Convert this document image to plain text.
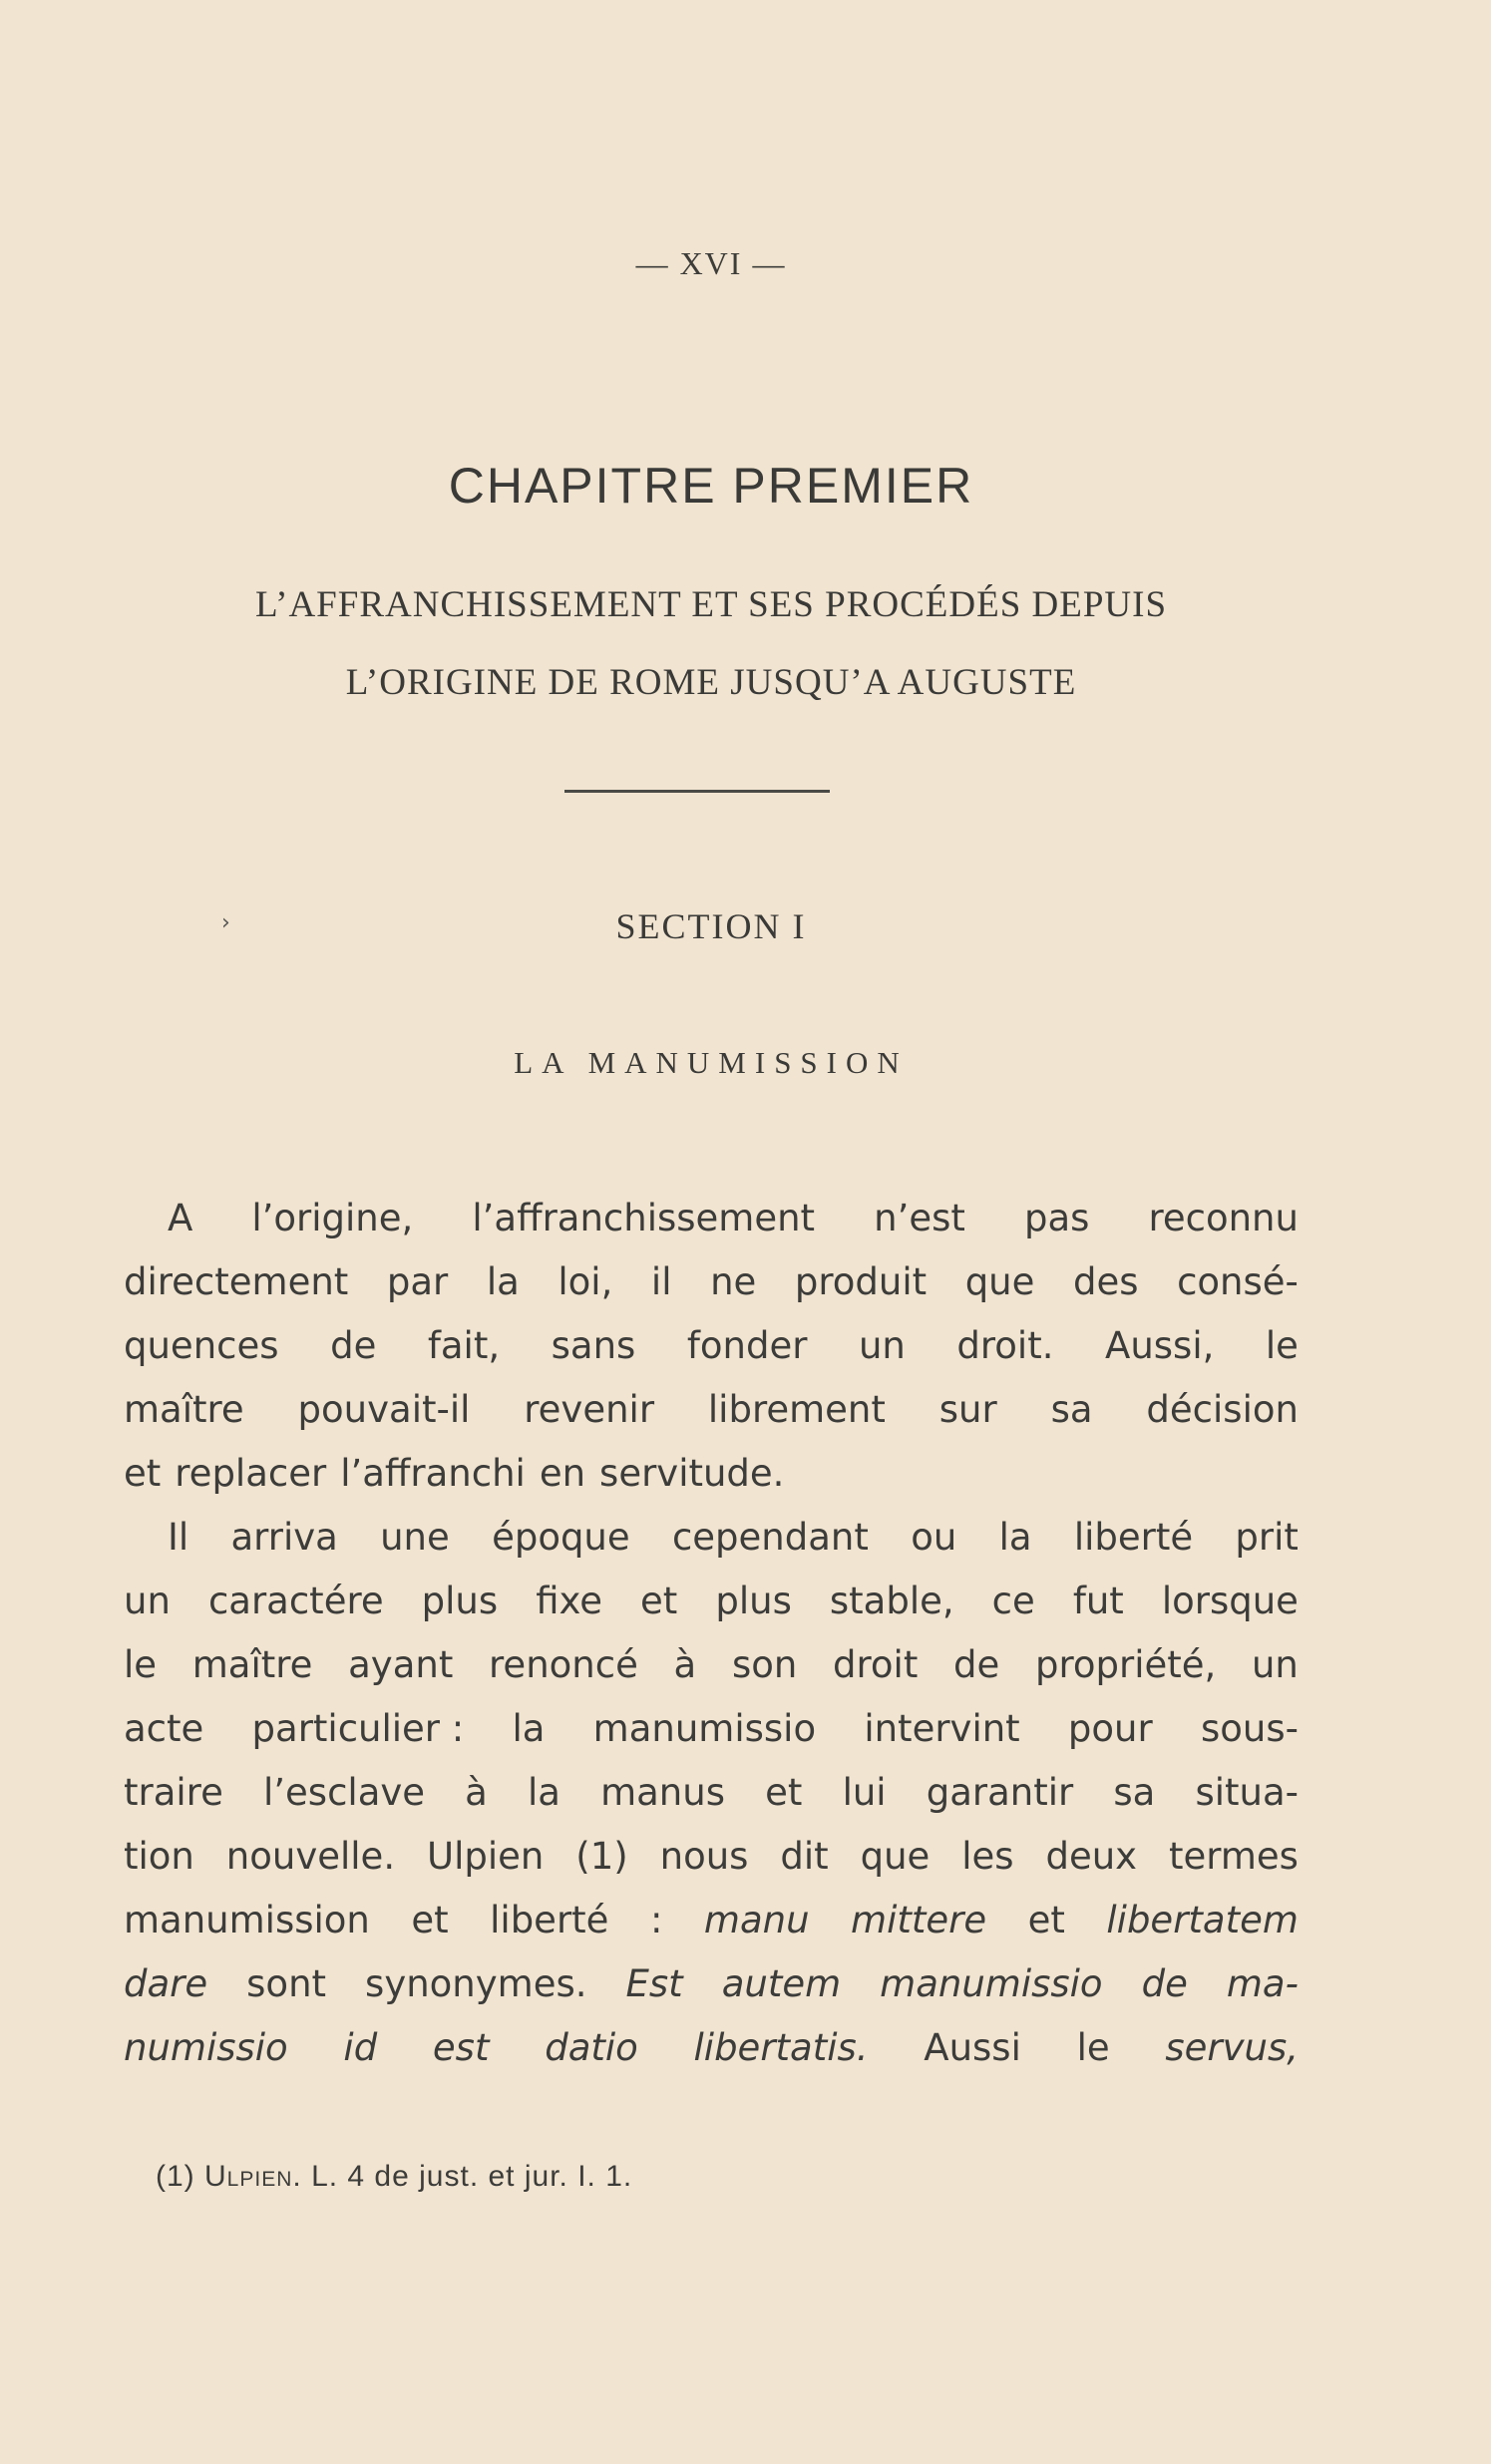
— XVI —
CHAPITRE PREMIER
L’AFFRANCHISSEMENT ET SES PROCÉDÉS DEPUIS
L’ORIGINE DE ROME JUSQU’A AUGUSTE
›	SECTION I
LA MANUMISSION
A l’origine, l’affranchissement n’est pas reconnu
directement par la loi, il ne produit que des consé-
quences de fait, sans fonder un droit. Aussi, le
maître pouvait-il revenir librement sur sa décision
et replacer l’affranchi en servitude.
Il arriva une époque cependant ou la liberté prit
un caractére plus fixe et plus stable, ce fut lorsque
le maître ayant renoncé à son droit de propriété, un
acte particulier : la manumissio intervint pour sous-
traire l’esclave à la manus et lui garantir sa situa-
tion nouvelle. Ulpien (1) nous dit que les deux termes
manumission et liberté : manu mittere et libertatem
dare sont synonymes. Est autem manumissio de ma-
numissio id est datio libertatis. Aussi le servus,
(1) Ulpien. L. 4 de just. et jur. I. 1.
